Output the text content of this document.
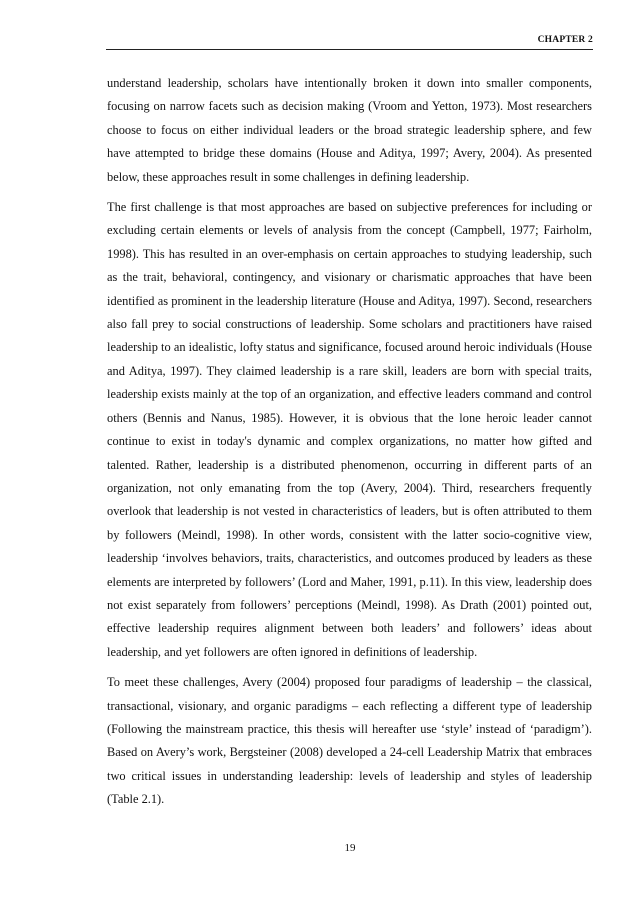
CHAPTER 2

understand leadership, scholars have intentionally broken it down into smaller components, focusing on narrow facets such as decision making (Vroom and Yetton, 1973). Most researchers choose to focus on either individual leaders or the broad strategic leadership sphere, and few have attempted to bridge these domains (House and Aditya, 1997; Avery, 2004). As presented below, these approaches result in some challenges in defining leadership.

The first challenge is that most approaches are based on subjective preferences for including or excluding certain elements or levels of analysis from the concept (Campbell, 1977; Fairholm, 1998). This has resulted in an over-emphasis on certain approaches to studying leadership, such as the trait, behavioral, contingency, and visionary or charismatic approaches that have been identified as prominent in the leadership literature (House and Aditya, 1997). Second, researchers also fall prey to social constructions of leadership. Some scholars and practitioners have raised leadership to an idealistic, lofty status and significance, focused around heroic individuals (House and Aditya, 1997). They claimed leadership is a rare skill, leaders are born with special traits, leadership exists mainly at the top of an organization, and effective leaders command and control others (Bennis and Nanus, 1985). However, it is obvious that the lone heroic leader cannot continue to exist in today's dynamic and complex organizations, no matter how gifted and talented. Rather, leadership is a distributed phenomenon, occurring in different parts of an organization, not only emanating from the top (Avery, 2004). Third, researchers frequently overlook that leadership is not vested in characteristics of leaders, but is often attributed to them by followers (Meindl, 1998). In other words, consistent with the latter socio-cognitive view, leadership ‘involves behaviors, traits, characteristics, and outcomes produced by leaders as these elements are interpreted by followers’ (Lord and Maher, 1991, p.11). In this view, leadership does not exist separately from followers’ perceptions (Meindl, 1998). As Drath (2001) pointed out, effective leadership requires alignment between both leaders’ and followers’ ideas about leadership, and yet followers are often ignored in definitions of leadership.

To meet these challenges, Avery (2004) proposed four paradigms of leadership – the classical, transactional, visionary, and organic paradigms – each reflecting a different type of leadership (Following the mainstream practice, this thesis will hereafter use ‘style’ instead of ‘paradigm’). Based on Avery’s work, Bergsteiner (2008) developed a 24-cell Leadership Matrix that embraces two critical issues in understanding leadership: levels of leadership and styles of leadership (Table 2.1).

19
